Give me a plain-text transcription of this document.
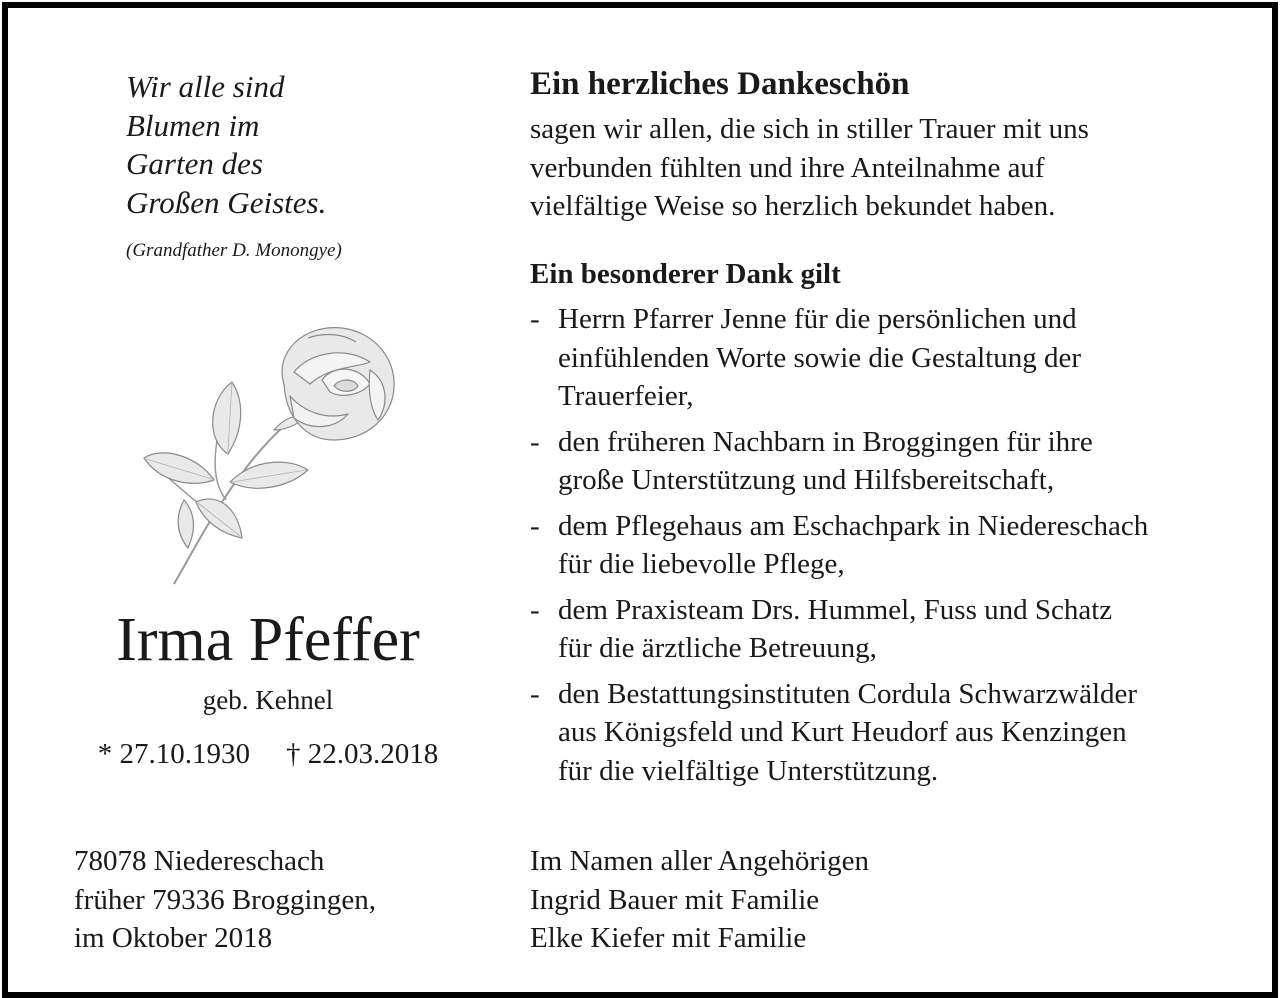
Wir alle sind
Blumen im
Garten des
Großen Geistes.
(Grandfather D. Monongye)
Irma Pfeffer
geb. Kehnel
* 27.10.1930 † 22.03.2018
78078 Niedereschach
früher 79336 Broggingen,
im Oktober 2018
Ein herzliches Dankeschön
sagen wir allen, die sich in stiller Trauer mit uns
verbunden fühlten und ihre Anteilnahme auf
vielfältige Weise so herzlich bekundet haben.
Ein besonderer Dank gilt
- Herrn Pfarrer Jenne für die persönlichen und
einfühlenden Worte sowie die Gestaltung der
Trauerfeier,
- den früheren Nachbarn in Broggingen für ihre
große Unterstützung und Hilfsbereitschaft,
- dem Pflegehaus am Eschachpark in Niedereschach
für die liebevolle Pflege,
- dem Praxisteam Drs. Hummel, Fuss und Schatz
für die ärztliche Betreuung,
- den Bestattungsinstituten Cordula Schwarzwälder
aus Königsfeld und Kurt Heudorf aus Kenzingen
für die vielfältige Unterstützung.
Im Namen aller Angehörigen
Ingrid Bauer mit Familie
Elke Kiefer mit Familie
